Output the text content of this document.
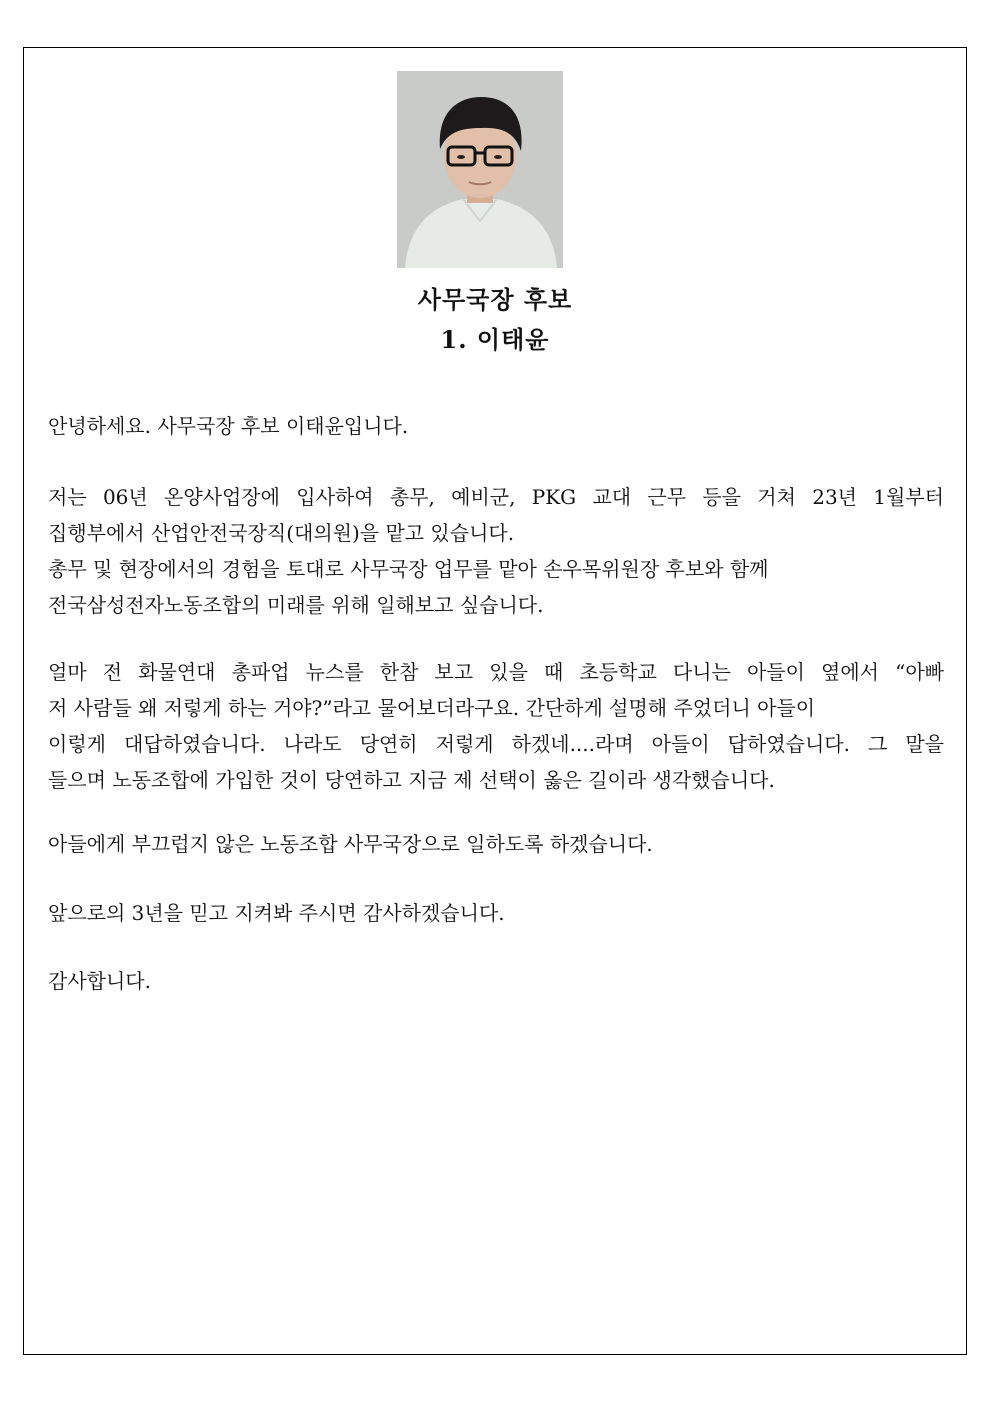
사무국장 후보
1. 이태윤
안녕하세요. 사무국장 후보 이태윤입니다.
저는 06년 온양사업장에 입사하여 총무, 예비군, PKG 교대 근무 등을 거쳐 23년 1월부터
집행부에서 산업안전국장직(대의원)을 맡고 있습니다.
총무 및 현장에서의 경험을 토대로 사무국장 업무를 맡아 손우목위원장 후보와 함께
전국삼성전자노동조합의 미래를 위해 일해보고 싶습니다.
얼마 전 화물연대 총파업 뉴스를 한참 보고 있을 때 초등학교 다니는 아들이 옆에서 “아빠
저 사람들 왜 저렇게 하는 거야?”라고 물어보더라구요. 간단하게 설명해 주었더니 아들이
이렇게 대답하였습니다. 나라도 당연히 저렇게 하겠네....라며 아들이 답하였습니다. 그 말을
들으며 노동조합에 가입한 것이 당연하고 지금 제 선택이 옳은 길이라 생각했습니다.
아들에게 부끄럽지 않은 노동조합 사무국장으로 일하도록 하겠습니다.
앞으로의 3년을 믿고 지켜봐 주시면 감사하겠습니다.
감사합니다.
